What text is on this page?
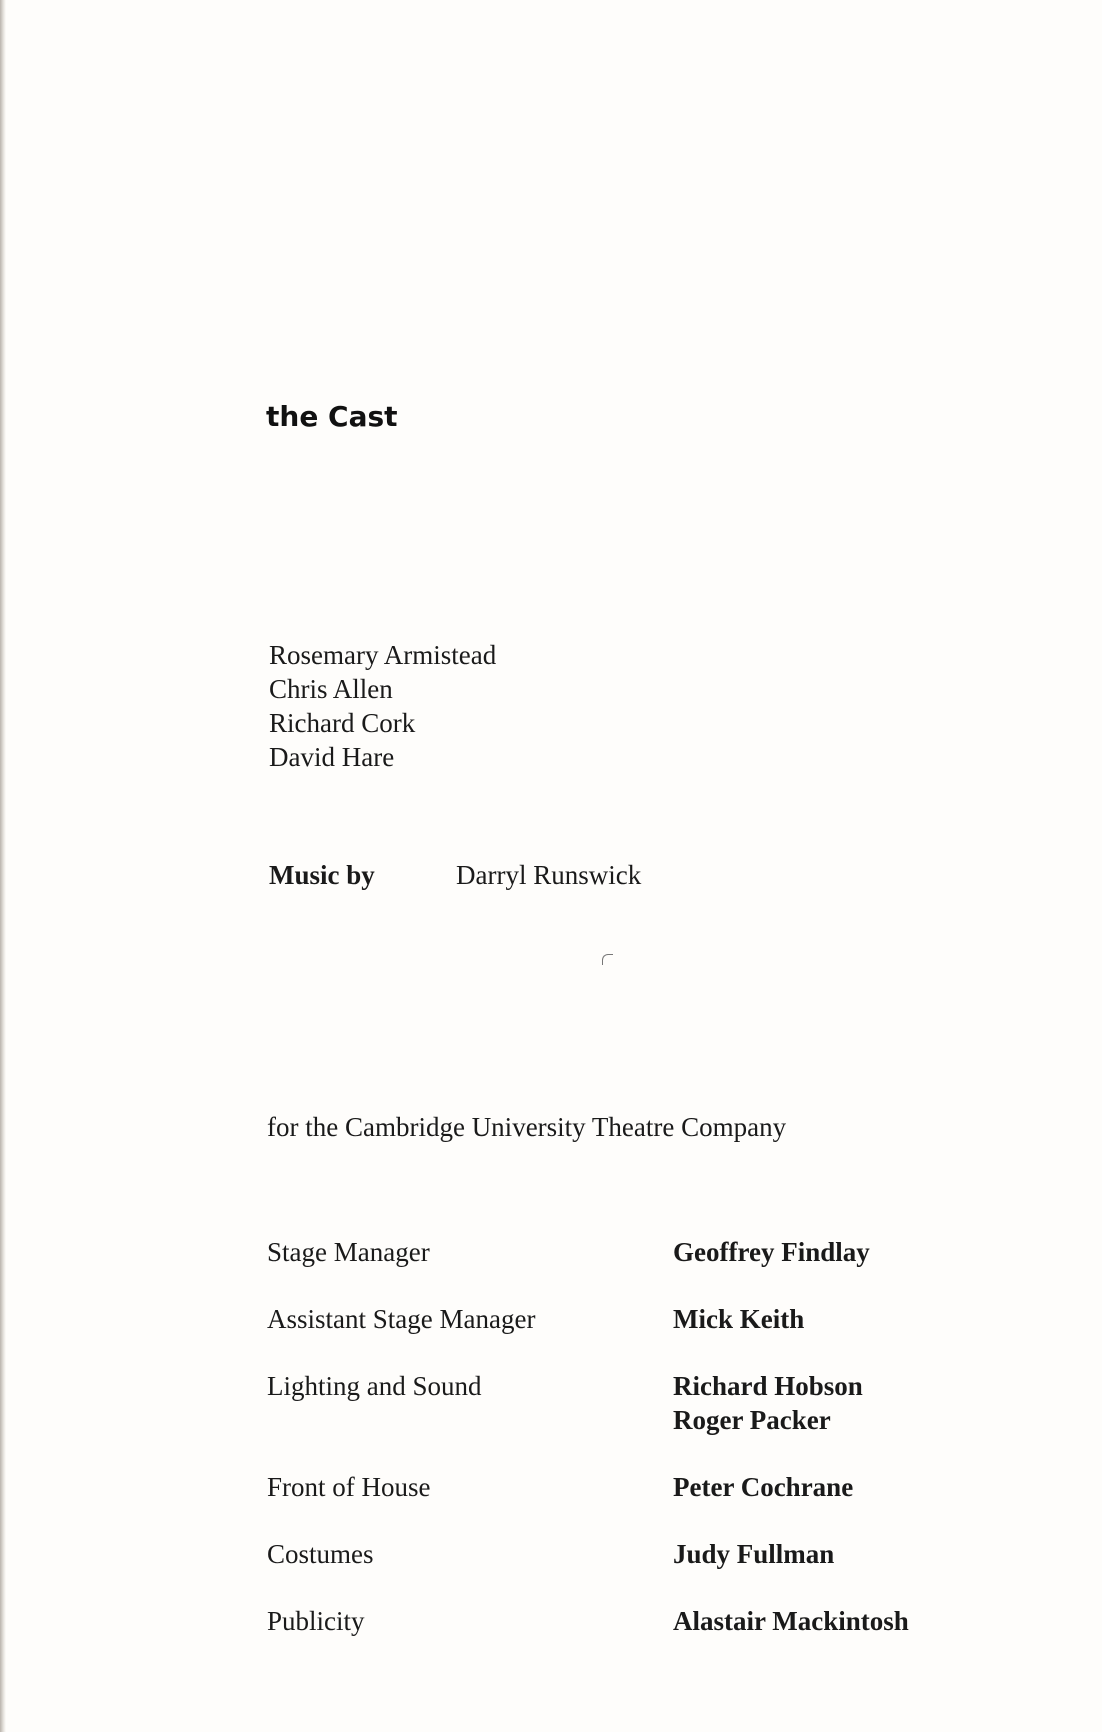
the Cast
Rosemary Armistead
Chris Allen
Richard Cork
David Hare
Music by	Darryl Runswick
for the Cambridge University Theatre Company
Stage Manager	Geoffrey Findlay
Assistant Stage Manager	Mick Keith
Lighting and Sound	Richard Hobson
Roger Packer
Front of House	Peter Cochrane
Costumes	Judy Fullman
Publicity	Alastair Mackintosh
